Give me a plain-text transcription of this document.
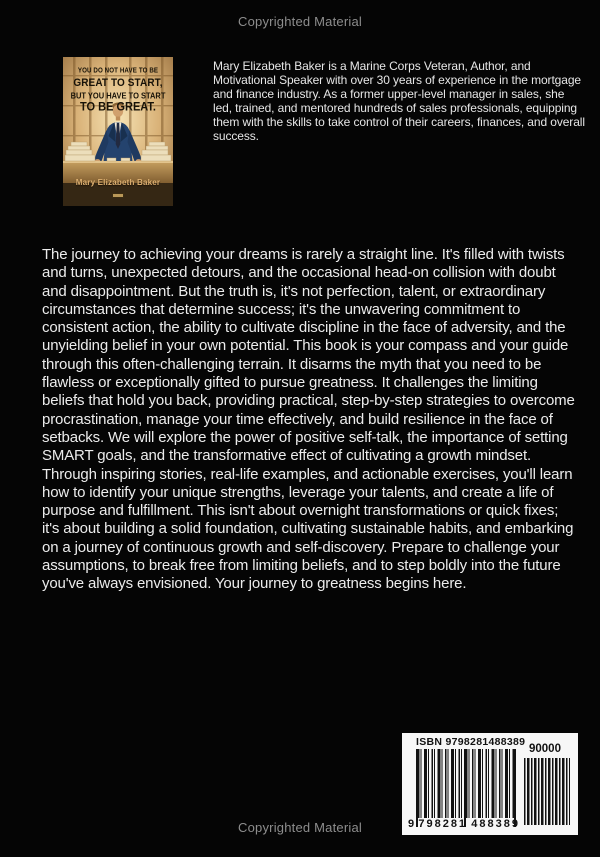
Copyrighted Material
YOU DO NOT HAVE TO BE
GREAT TO START,
BUT YOU HAVE TO START
TO BE GREAT.
Mary Elizabeth Baker
Mary Elizabeth Baker is a Marine Corps Veteran, Author, and Motivational Speaker with over 30 years of experience in the mortgage and finance industry. As a former upper-level manager in sales, she led, trained, and mentored hundreds of sales professionals, equipping them with the skills to take control of their careers, finances, and overall success.
The journey to achieving your dreams is rarely a straight line. It's filled with twists and turns, unexpected detours, and the occasional head-on collision with doubt and disappointment. But the truth is, it's not perfection, talent, or extraordinary circumstances that determine success; it's the unwavering commitment to consistent action, the ability to cultivate discipline in the face of adversity, and the unyielding belief in your own potential. This book is your compass and your guide through this often-challenging terrain. It disarms the myth that you need to be flawless or exceptionally gifted to pursue greatness. It challenges the limiting beliefs that hold you back, providing practical, step-by-step strategies to overcome procrastination, manage your time effectively, and build resilience in the face of setbacks. We will explore the power of positive self-talk, the importance of setting SMART goals, and the transformative effect of cultivating a growth mindset. Through inspiring stories, real-life examples, and actionable exercises, you'll learn how to identify your unique strengths, leverage your talents, and create a life of purpose and fulfillment. This isn't about overnight transformations or quick fixes; it's about building a solid foundation, cultivating sustainable habits, and embarking on a journey of continuous growth and self-discovery. Prepare to challenge your assumptions, to break free from limiting beliefs, and to step boldly into the future you've always envisioned. Your journey to greatness begins here.
ISBN 9798281488389
90000
9 798281 488389
Copyrighted Material
